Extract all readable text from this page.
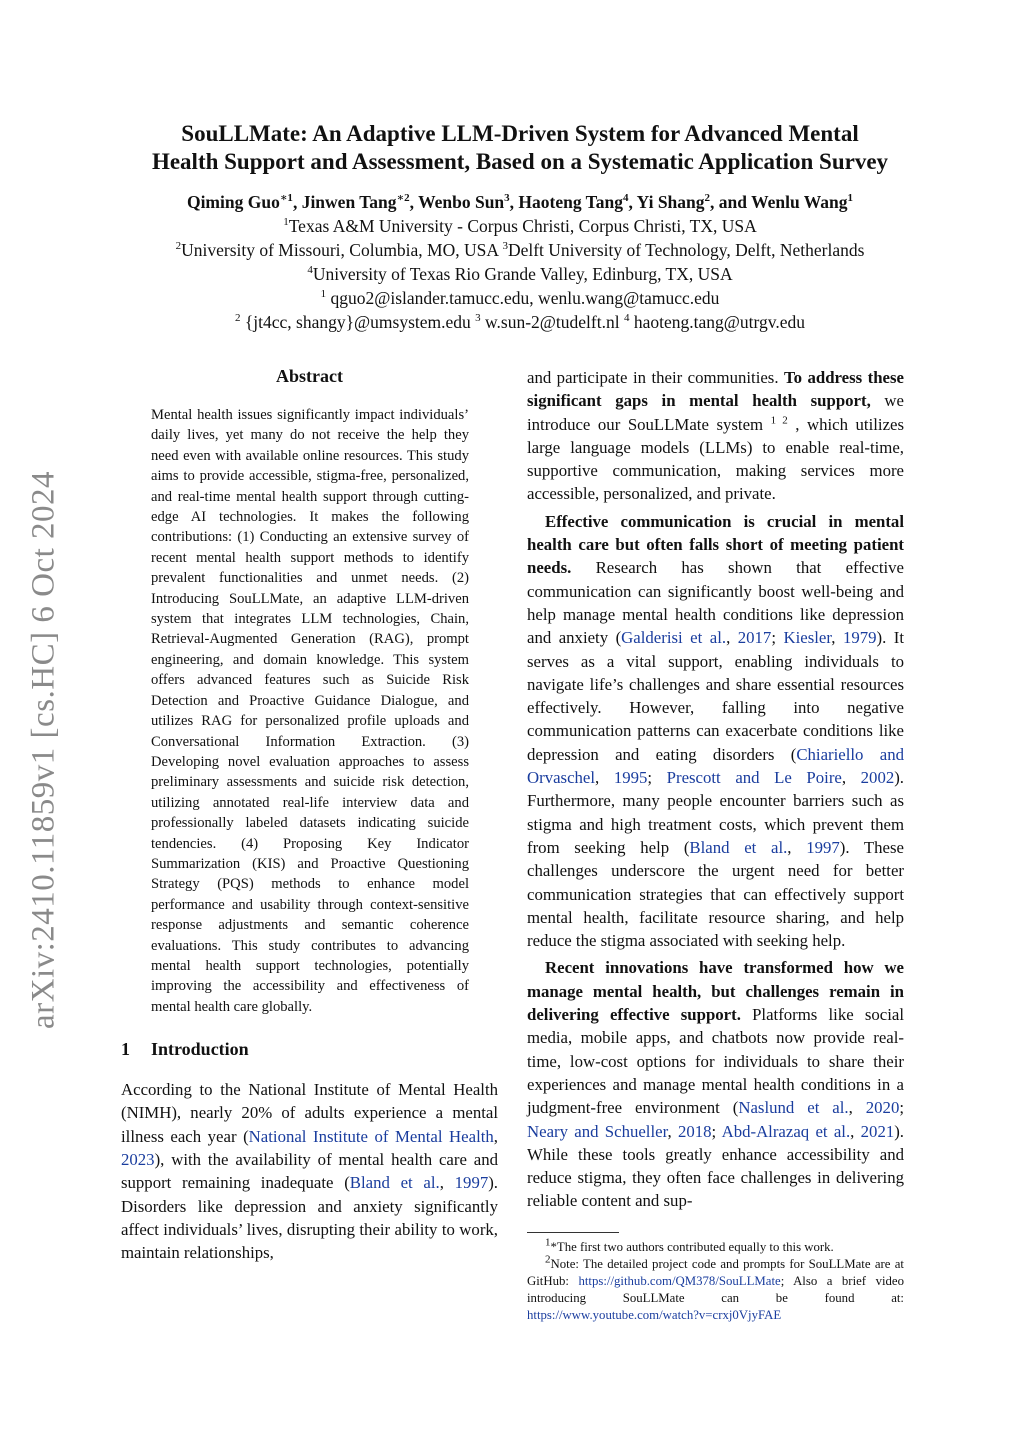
arXiv:2410.11859v1 [cs.HC] 6 Oct 2024
SouLLMate: An Adaptive LLM-Driven System for Advanced Mental
Health Support and Assessment, Based on a Systematic Application Survey
Qiming Guo$^{∗1}$, Jinwen Tang$^{∗2}$, Wenbo Sun$^3$, Haoteng Tang$^4$, Yi Shang$^2$, and Wenlu Wang$^1$
$^1$Texas A&M University - Corpus Christi, Corpus Christi, TX, USA
$^2$University of Missouri, Columbia, MO, USA $^3$Delft University of Technology, Delft, Netherlands
$^4$University of Texas Rio Grande Valley, Edinburg, TX, USA
$^1$ qguo2@islander.tamucc.edu, wenlu.wang@tamucc.edu
$^2$ {jt4cc, shangy}@umsystem.edu $^3$ w.sun-2@tudelft.nl $^4$ haoteng.tang@utrgv.edu
Abstract

Mental health issues significantly impact individuals’ daily lives, yet many do not receive the help they need even with available online resources. This study aims to provide accessible, stigma-free, personalized, and real-time mental health support through cutting-edge AI technologies. It makes the following contributions: (1) Conducting an extensive survey of recent mental health support methods to identify prevalent functionalities and unmet needs. (2) Introducing SouLLMate, an adaptive LLM-driven system that integrates LLM technologies, Chain, Retrieval-Augmented Generation (RAG), prompt engineering, and domain knowledge. This system offers advanced features such as Suicide Risk Detection and Proactive Guidance Dialogue, and utilizes RAG for personalized profile uploads and Conversational Information Extraction. (3) Developing novel evaluation approaches to assess preliminary assessments and suicide risk detection, utilizing annotated real-life interview data and professionally labeled datasets indicating suicide tendencies. (4) Proposing Key Indicator Summarization (KIS) and Proactive Questioning Strategy (PQS) methods to enhance model performance and usability through context-sensitive response adjustments and semantic coherence evaluations. This study contributes to advancing mental health support technologies, potentially improving the accessibility and effectiveness of mental health care globally.

1 Introduction

According to the National Institute of Mental Health (NIMH), nearly 20% of adults experience a mental illness each year (National Institute of Mental Health, 2023), with the availability of mental health care and support remaining inadequate (Bland et al., 1997). Disorders like depression and anxiety significantly affect individuals’ lives, disrupting their ability to work, maintain relationships,

and participate in their communities. To address these significant gaps in mental health support, we introduce our SouLLMate system $^{1 2}$ , which utilizes large language models (LLMs) to enable real-time, supportive communication, making services more accessible, personalized, and private.

Effective communication is crucial in mental health care but often falls short of meeting patient needs. Research has shown that effective communication can significantly boost well-being and help manage mental health conditions like depression and anxiety (Galderisi et al., 2017; Kiesler, 1979). It serves as a vital support, enabling individuals to navigate life’s challenges and share essential resources effectively. However, falling into negative communication patterns can exacerbate conditions like depression and eating disorders (Chiariello and Orvaschel, 1995; Prescott and Le Poire, 2002). Furthermore, many people encounter barriers such as stigma and high treatment costs, which prevent them from seeking help (Bland et al., 1997). These challenges underscore the urgent need for better communication strategies that can effectively support mental health, facilitate resource sharing, and help reduce the stigma associated with seeking help.

Recent innovations have transformed how we manage mental health, but challenges remain in delivering effective support. Platforms like social media, mobile apps, and chatbots now provide real-time, low-cost options for individuals to share their experiences and manage mental health conditions in a judgment-free environment (Naslund et al., 2020; Neary and Schueller, 2018; Abd-Alrazaq et al., 2021). While these tools greatly enhance accessibility and reduce stigma, they often face challenges in delivering reliable content and sup-

$^1$*The first two authors contributed equally to this work.

$^2$Note: The detailed project code and prompts for SouLLMate are at GitHub: https://github.com/QM378/SouLLMate; Also a brief video introducing SouLLMate can be found at: https://www.youtube.com/watch?v=crxj0VjyFAE
